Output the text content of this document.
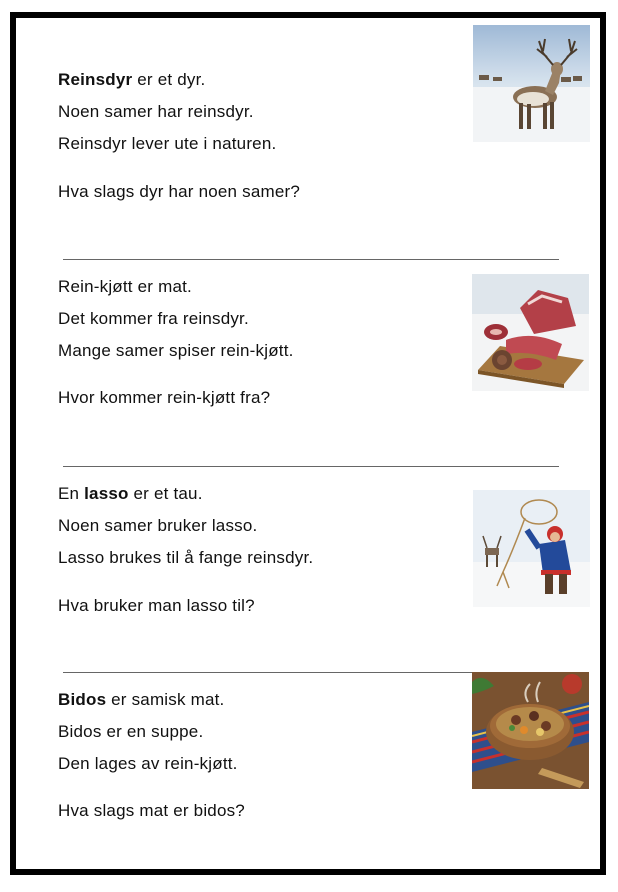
Reinsdyr er et dyr.
Noen samer har reinsdyr.
Reinsdyr lever ute i naturen.
Hva slags dyr har noen samer?
Rein-kjøtt er mat.
Det kommer fra reinsdyr.
Mange samer spiser rein-kjøtt.
Hvor kommer rein-kjøtt fra?
En lasso er et tau.
Noen samer bruker lasso.
Lasso brukes til å fange reinsdyr.
Hva bruker man lasso til?
Bidos er samisk mat.
Bidos er en suppe.
Den lages av rein-kjøtt.
Hva slags mat er bidos?
